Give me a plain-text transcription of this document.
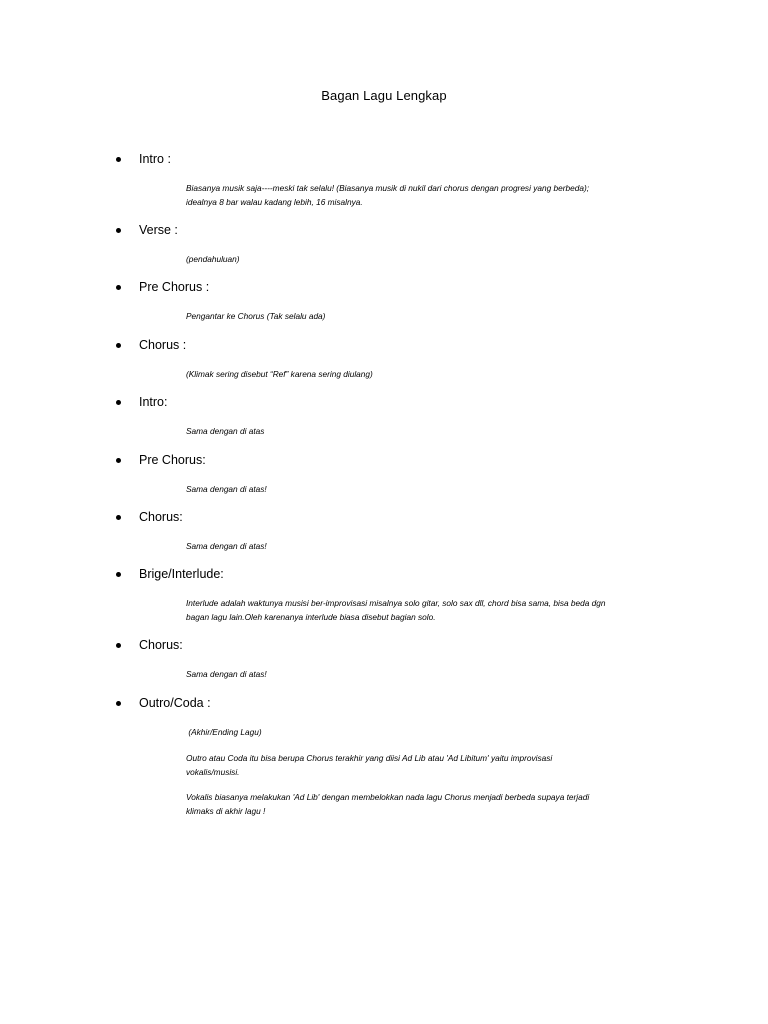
Bagan Lagu Lengkap
Intro :
Biasanya musik saja----meski tak selalu! (Biasanya musik di nukil dari chorus dengan progresi yang berbeda);
idealnya 8 bar walau kadang lebih, 16 misalnya.
Verse :
(pendahuluan)
Pre Chorus :
Pengantar ke Chorus (Tak selalu ada)
Chorus :
(Klimak sering disebut “Ref” karena sering diulang)
Intro:
Sama dengan di atas
Pre Chorus:
Sama dengan di atas!
Chorus:
Sama dengan di atas!
Brige/Interlude:
Interlude adalah waktunya musisi ber-improvisasi misalnya solo gitar, solo sax dll, chord bisa sama, bisa beda dgn
bagan lagu lain.Oleh karenanya interlude biasa disebut bagian solo.
Chorus:
Sama dengan di atas!
Outro/Coda :
(Akhir/Ending Lagu)
Outro atau Coda itu bisa berupa Chorus terakhir yang diisi Ad Lib atau 'Ad Libitum' yaitu improvisasi
vokalis/musisi.
Vokalis biasanya melakukan 'Ad Lib' dengan membelokkan nada lagu Chorus menjadi berbeda supaya terjadi
klimaks di akhir lagu !
